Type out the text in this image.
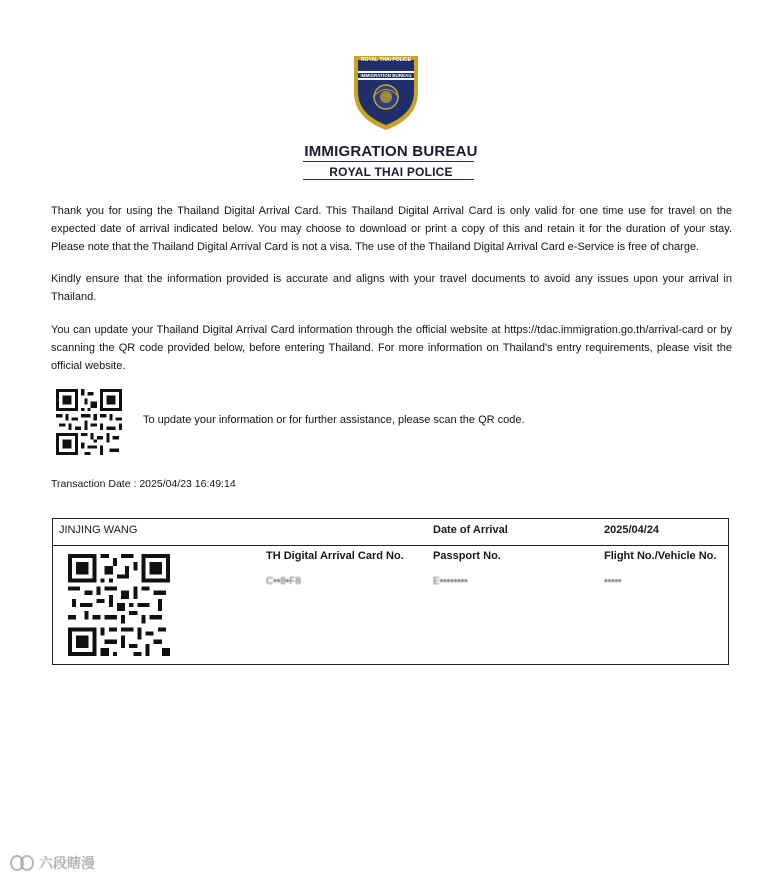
ROYAL THAI POLICE
IMMIGRATION BUREAU
IMMIGRATION BUREAU
ROYAL THAI POLICE
Thank you for using the Thailand Digital Arrival Card. This Thailand Digital Arrival Card is only valid for one time use for travel on the expected date of arrival indicated below. You may choose to download or print a copy of this and retain it for the duration of your stay. Please note that the Thailand Digital Arrival Card is not a visa. The use of the Thailand Digital Arrival Card e-Service is free of charge.
Kindly ensure that the information provided is accurate and aligns with your travel documents to avoid any issues upon your arrival in Thailand.
You can update your Thailand Digital Arrival Card information through the official website at https://tdac.immigration.go.th/arrival-card or by scanning the QR code provided below, before entering Thailand. For more information on Thailand's entry requirements, please visit the official website.
To update your information or for further assistance, please scan the QR code.
Transaction Date : 2025/04/23 16:49:14
JINJING WANG	Date of Arrival	2025/04/24
TH Digital Arrival Card No.	Passport No.	Flight No./Vehicle No.
C••8•F8	E••••••••	•••••
六段瞎漫
